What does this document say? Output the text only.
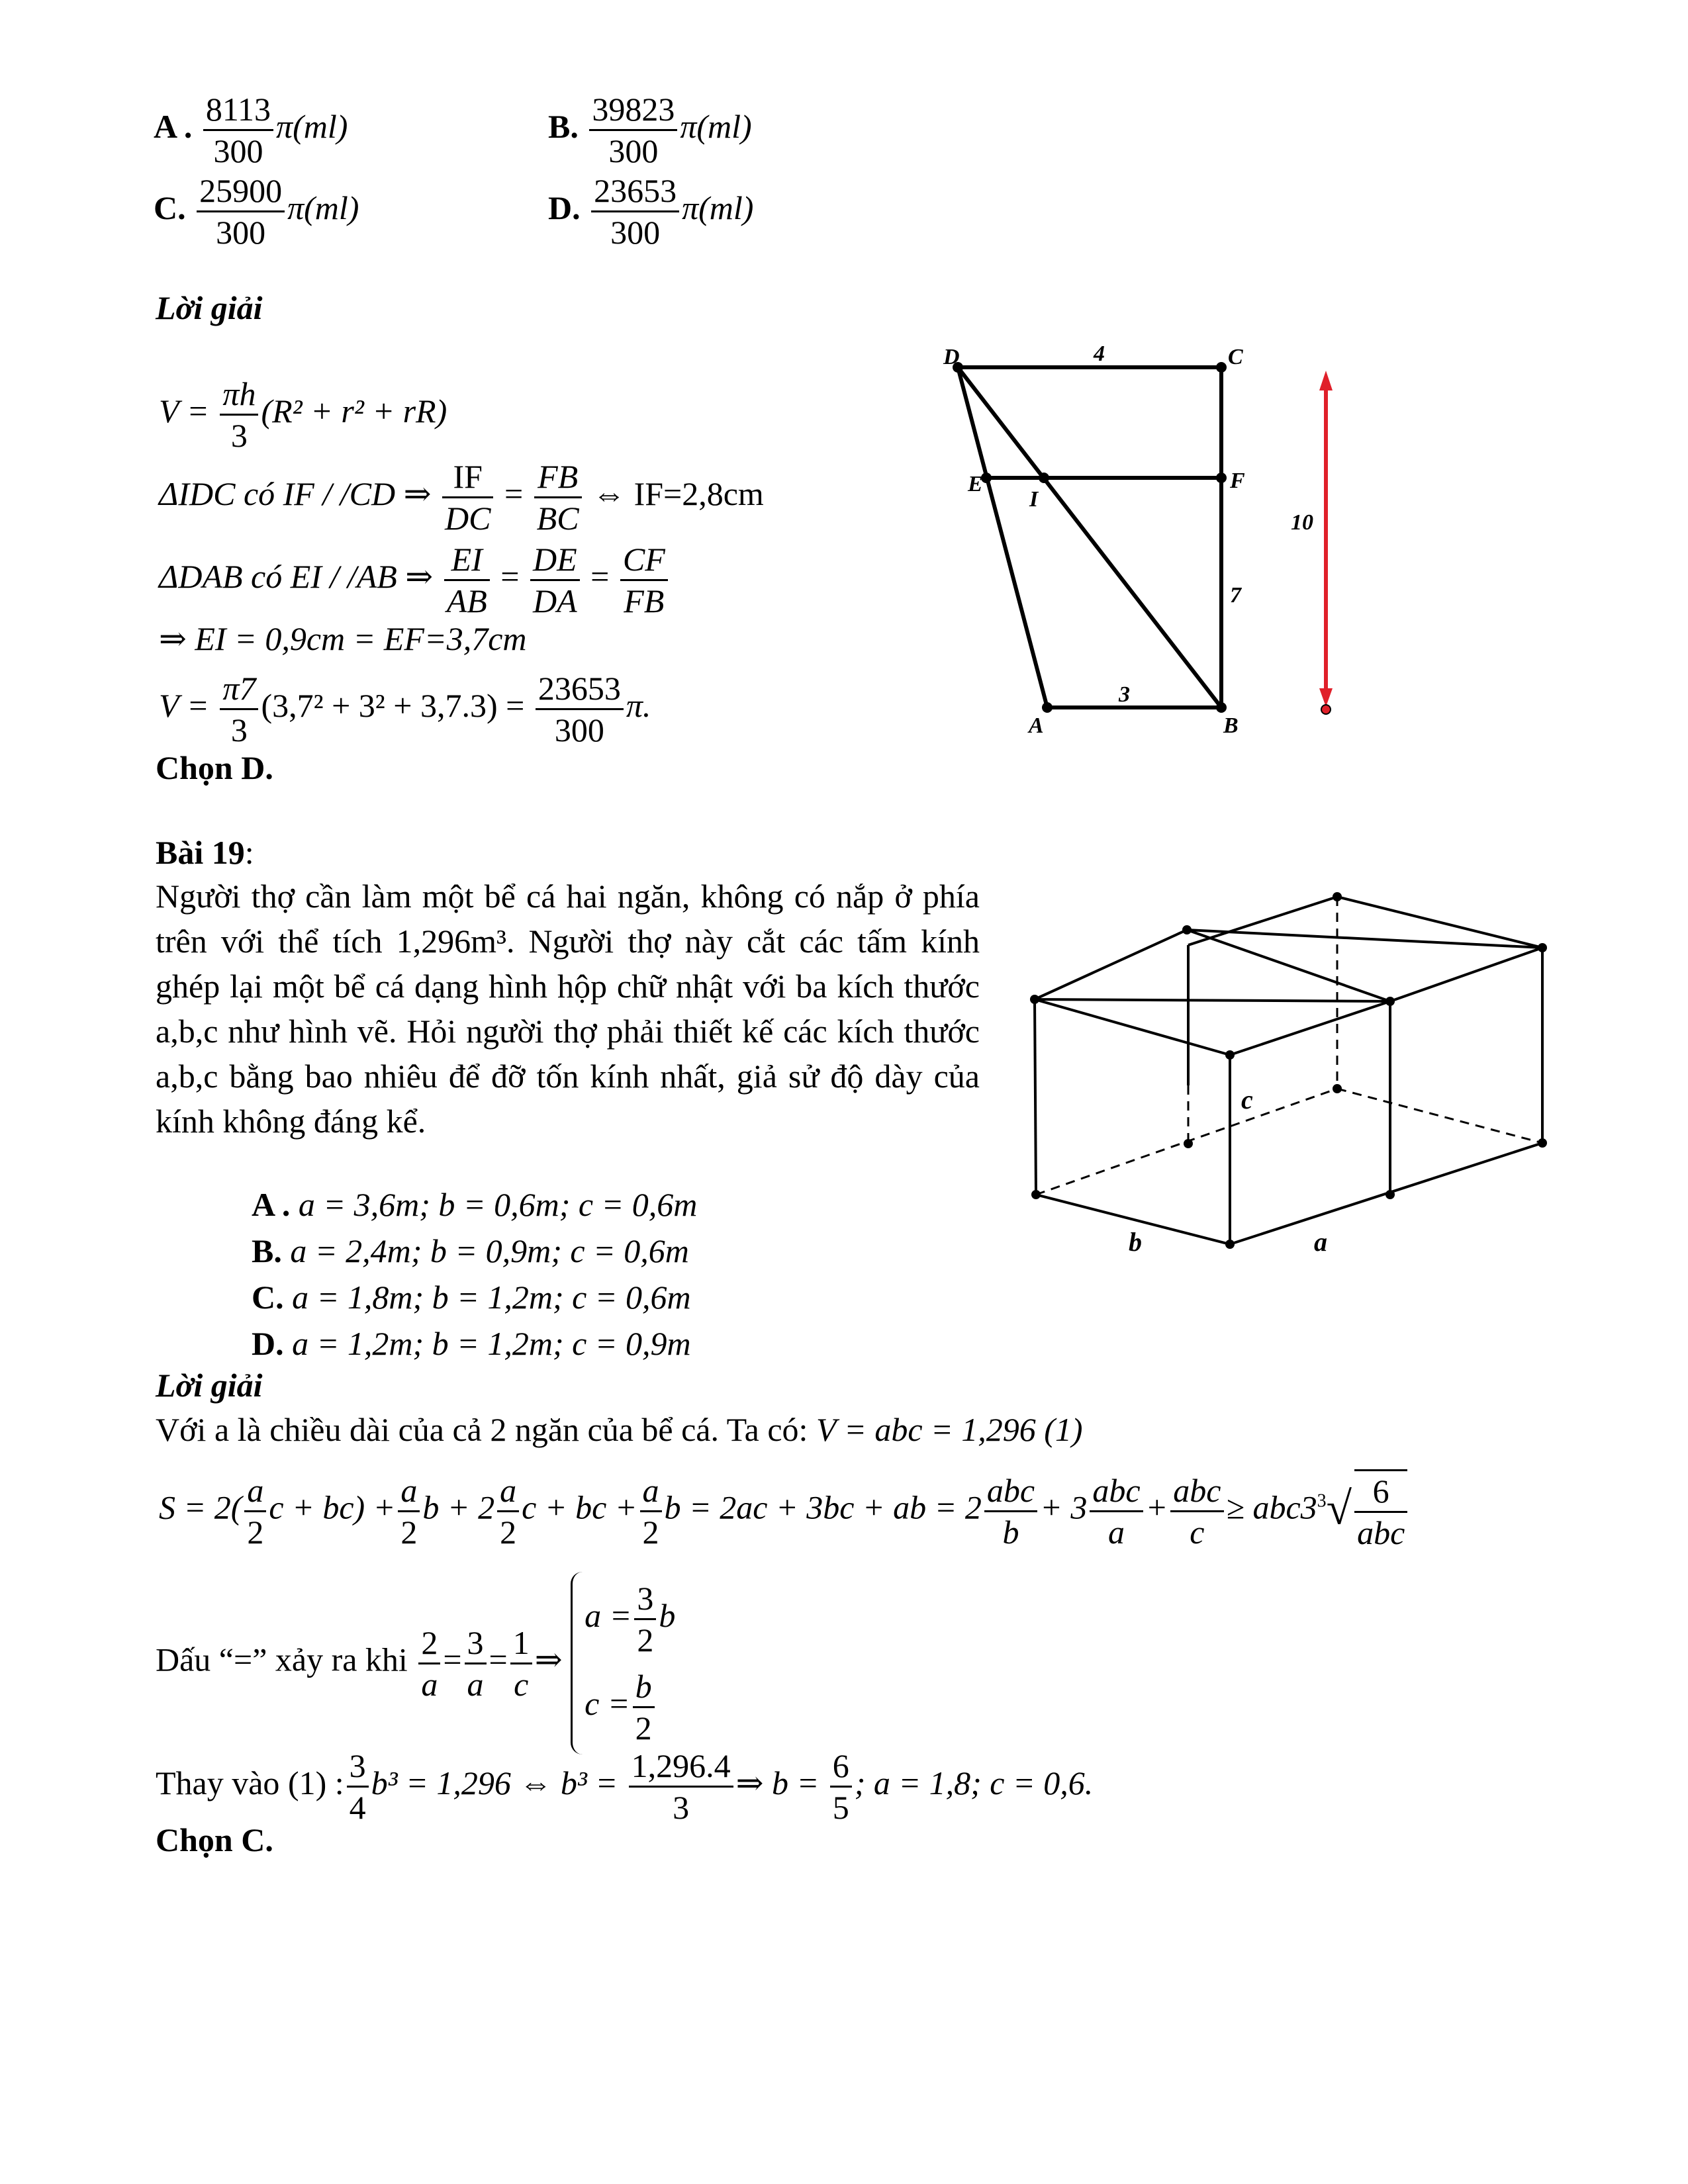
A . $\frac{8113}{300} \pi(ml)$	B. $\frac{39823}{300} \pi(ml)$
C. $\frac{25900}{300} \pi(ml)$	D. $\frac{23653}{300} \pi(ml)$
Lời giải
$V = \frac{\pi h}{3} (R^2 + r^2 + rR)$
ΔIDC có IF / /CD ⇒ $\frac{IF}{DC} = \frac{FB}{BC}$ ⇔ IF=2,8cm
ΔDAB có EI / /AB ⇒ $\frac{EI}{AB} = \frac{DE}{DA} = \frac{CF}{FB}$
⇒ EI = 0,9cm = EF=3,7cm
$V = \frac{\pi 7}{3} (3,7^2 + 3^2 + 3,7.3) = \frac{23653}{300} \pi$.
Chọn D.
D	C
E
I
F
A	B
4
7
3
10
Bài 19:
Người thợ cần làm một bể cá hai ngăn, không có nắp ở phía trên với thể tích 1,296m³. Người thợ này cắt các tấm kính ghép lại một bể cá dạng hình hộp chữ nhật với ba kích thước a,b,c như hình vẽ. Hỏi người thợ phải thiết kế các kích thước a,b,c bằng bao nhiêu để đỡ tốn kính nhất, giả sử độ dày của kính không đáng kể.
A . a = 3,6m; b = 0,6m; c = 0,6m
B. a = 2,4m; b = 0,9m; c = 0,6m
C. a = 1,8m; b = 1,2m; c = 0,6m
D. a = 1,2m; b = 1,2m; c = 0,9m
c
b	a
Lời giải
Với a là chiều dài của cả 2 ngăn của bể cá. Ta có: V = abc = 1,296 (1)
$S = 2( \frac{a}{2}$ $c + bc) + \frac{a}{2}$ $b + 2 \frac{a}{2}$ c + bc + $\frac{a}{2}$ b = 2ac + 3bc + ab = $2 \frac{\text{abc}}{b} + 3 \frac{\text{abc}}{a} + \frac{\text{abc}}{c} \ge abc3^3√ \frac{6}{\text{abc}}$
Dấu “=” xảy ra khi $\frac{2}{a} = \frac{3}{a} = \frac{1}{c}$ ⇒
$a = \frac{3}{2}$ b
$c = \frac{b}{2}$
Thay vào (1) : $\frac{3}{4} b^3 = 1,296$ ⇔ $b^3 = \frac{1,296.4}{3}$ ⇒ $b = \frac{6}{5}$ ; a = 1,8; c = 0,6.
Chọn C.
